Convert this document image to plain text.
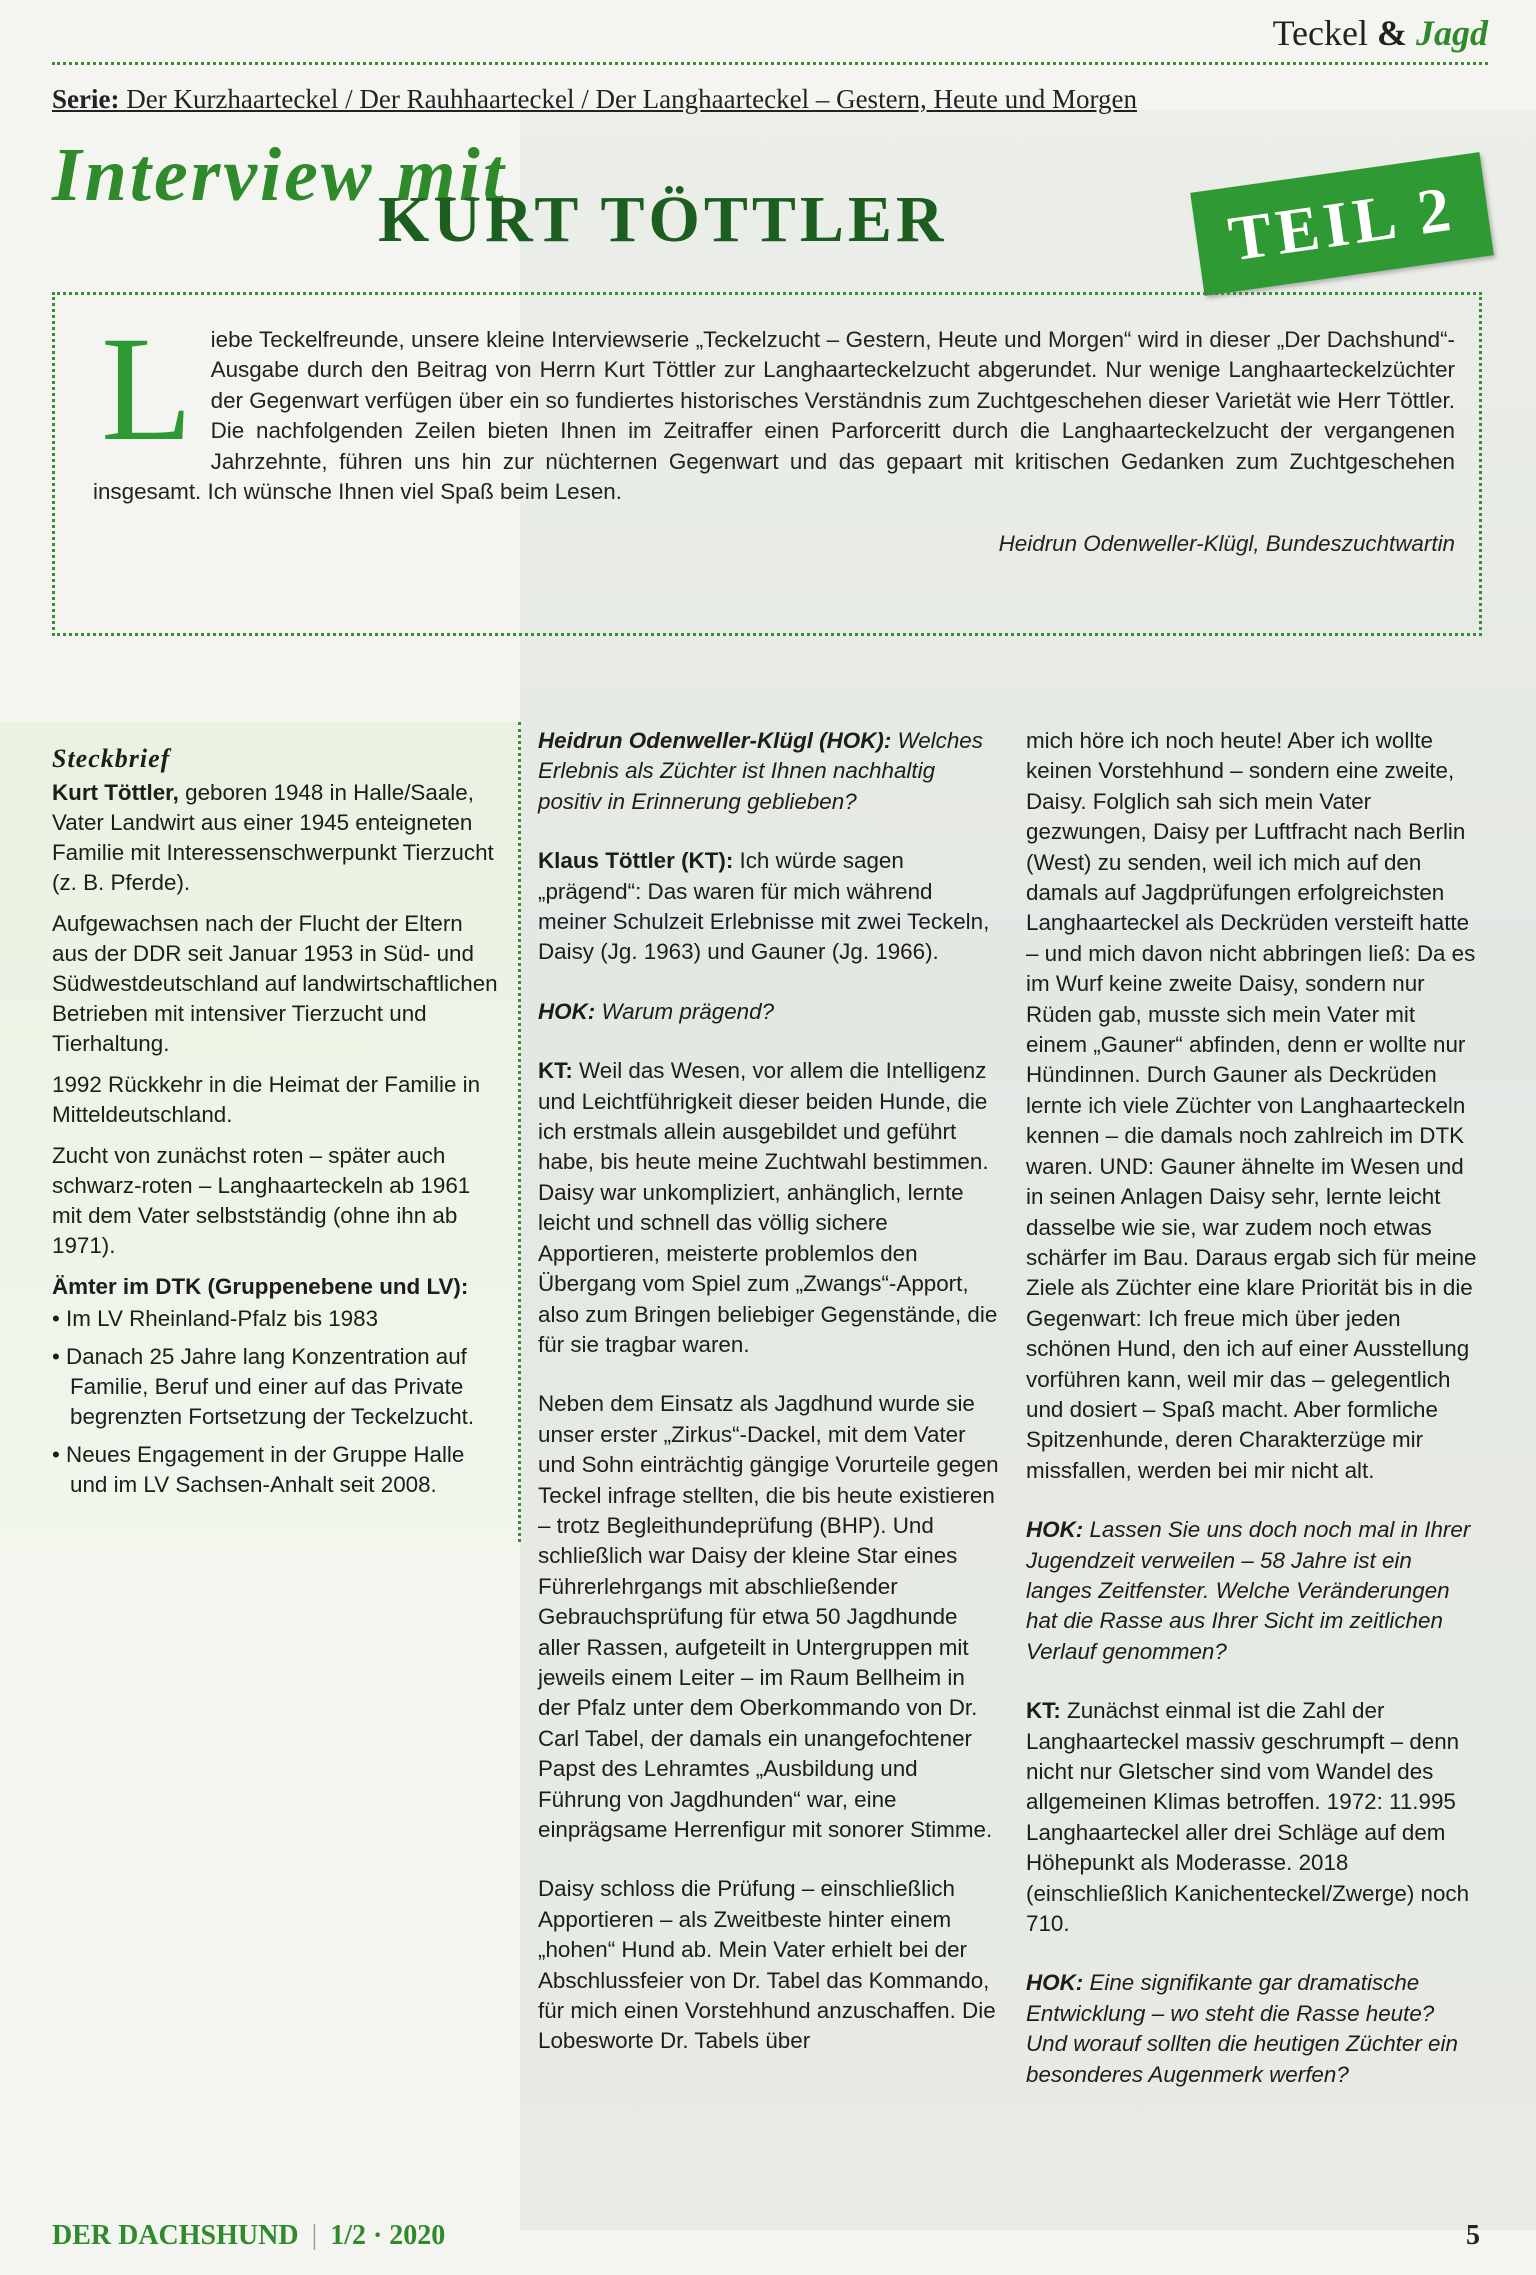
Teckel & Jagd
Serie: Der Kurzhaarteckel / Der Rauhhaarteckel / Der Langhaarteckel – Gestern, Heute und Morgen
Interview mit
KURT TÖTTLER	TEIL 2
L iebe Teckelfreunde, unsere kleine Interviewserie „Teckelzucht – Gestern, Heute und Morgen“ wird in dieser „Der Dachshund“-Ausgabe durch den Beitrag von Herrn Kurt Töttler zur Langhaarteckelzucht abgerundet. Nur wenige Langhaarteckelzüchter der Gegenwart verfügen über ein so fundiertes historisches Verständnis zum Zuchtgeschehen dieser Varietät wie Herr Töttler. Die nachfolgenden Zeilen bieten Ihnen im Zeitraffer einen Parforceritt durch die Langhaarteckelzucht der vergangenen Jahrzehnte, führen uns hin zur nüchternen Gegenwart und das gepaart mit kritischen Gedanken zum Zuchtgeschehen insgesamt. Ich wünsche Ihnen viel Spaß beim Lesen.
Heidrun Odenweller-Klügl, Bundeszuchtwartin
Steckbrief

Kurt Töttler, geboren 1948 in Halle/Saale, Vater Landwirt aus einer 1945 enteigneten Familie mit Interessenschwerpunkt Tierzucht (z. B. Pferde).

Aufgewachsen nach der Flucht der Eltern aus der DDR seit Januar 1953 in Süd- und Südwestdeutschland auf landwirtschaftlichen Betrieben mit intensiver Tierzucht und Tierhaltung.

1992 Rückkehr in die Heimat der Familie in Mitteldeutschland.

Zucht von zunächst roten – später auch schwarz-roten – Langhaarteckeln ab 1961 mit dem Vater selbstständig (ohne ihn ab 1971).

Ämter im DTK (Gruppenebene und LV):

• Im LV Rheinland-Pfalz bis 1983
• Danach 25 Jahre lang Konzentration auf Familie, Beruf und einer auf das Private begrenzten Fortsetzung der Teckelzucht.
• Neues Engagement in der Gruppe Halle und im LV Sachsen-Anhalt seit 2008.

Heidrun Odenweller-Klügl (HOK): Welches Erlebnis als Züchter ist Ihnen nachhaltig positiv in Erinnerung geblieben?

Klaus Töttler (KT): Ich würde sagen „prägend“: Das waren für mich während meiner Schulzeit Erlebnisse mit zwei Teckeln, Daisy (Jg. 1963) und Gauner (Jg. 1966).

HOK: Warum prägend?

KT: Weil das Wesen, vor allem die Intelligenz und Leichtführigkeit dieser beiden Hunde, die ich erstmals allein ausgebildet und geführt habe, bis heute meine Zuchtwahl bestimmen. Daisy war unkompliziert, anhänglich, lernte leicht und schnell das völlig sichere Apportieren, meisterte problemlos den Übergang vom Spiel zum „Zwangs“-Apport, also zum Bringen beliebiger Gegenstände, die für sie tragbar waren.

Neben dem Einsatz als Jagdhund wurde sie unser erster „Zirkus“-Dackel, mit dem Vater und Sohn einträchtig gängige Vorurteile gegen Teckel infrage stellten, die bis heute existieren – trotz Begleithundeprüfung (BHP). Und schließlich war Daisy der kleine Star eines Führerlehrgangs mit abschließender Gebrauchsprüfung für etwa 50 Jagdhunde aller Rassen, aufgeteilt in Untergruppen mit jeweils einem Leiter – im Raum Bellheim in der Pfalz unter dem Oberkommando von Dr. Carl Tabel, der damals ein unangefochtener Papst des Lehramtes „Ausbildung und Führung von Jagdhunden“ war, eine einprägsame Herrenfigur mit sonorer Stimme.

Daisy schloss die Prüfung – einschließlich Apportieren – als Zweitbeste hinter einem „hohen“ Hund ab. Mein Vater erhielt bei der Abschlussfeier von Dr. Tabel das Kommando, für mich einen Vorstehhund anzuschaffen. Die Lobesworte Dr. Tabels über

mich höre ich noch heute! Aber ich wollte keinen Vorstehhund – sondern eine zweite, Daisy. Folglich sah sich mein Vater gezwungen, Daisy per Luftfracht nach Berlin (West) zu senden, weil ich mich auf den damals auf Jagdprüfungen erfolgreichsten Langhaarteckel als Deckrüden versteift hatte – und mich davon nicht abbringen ließ: Da es im Wurf keine zweite Daisy, sondern nur Rüden gab, musste sich mein Vater mit einem „Gauner“ abfinden, denn er wollte nur Hündinnen. Durch Gauner als Deckrüden lernte ich viele Züchter von Langhaarteckeln kennen – die damals noch zahlreich im DTK waren. UND: Gauner ähnelte im Wesen und in seinen Anlagen Daisy sehr, lernte leicht dasselbe wie sie, war zudem noch etwas schärfer im Bau. Daraus ergab sich für meine Ziele als Züchter eine klare Priorität bis in die Gegenwart: Ich freue mich über jeden schönen Hund, den ich auf einer Ausstellung vorführen kann, weil mir das – gelegentlich und dosiert – Spaß macht. Aber formliche Spitzenhunde, deren Charakterzüge mir missfallen, werden bei mir nicht alt.

HOK: Lassen Sie uns doch noch mal in Ihrer Jugendzeit verweilen – 58 Jahre ist ein langes Zeitfenster. Welche Veränderungen hat die Rasse aus Ihrer Sicht im zeitlichen Verlauf genommen?

KT: Zunächst einmal ist die Zahl der Langhaarteckel massiv geschrumpft – denn nicht nur Gletscher sind vom Wandel des allgemeinen Klimas betroffen. 1972: 11.995 Langhaarteckel aller drei Schläge auf dem Höhepunkt als Moderasse. 2018 (einschließlich Kanichenteckel/Zwerge) noch 710.

HOK: Eine signifikante gar dramatische Entwicklung – wo steht die Rasse heute? Und worauf sollten die heutigen Züchter ein besonderes Augenmerk werfen?

DER DACHSHUND | 1/2 · 2020	5
